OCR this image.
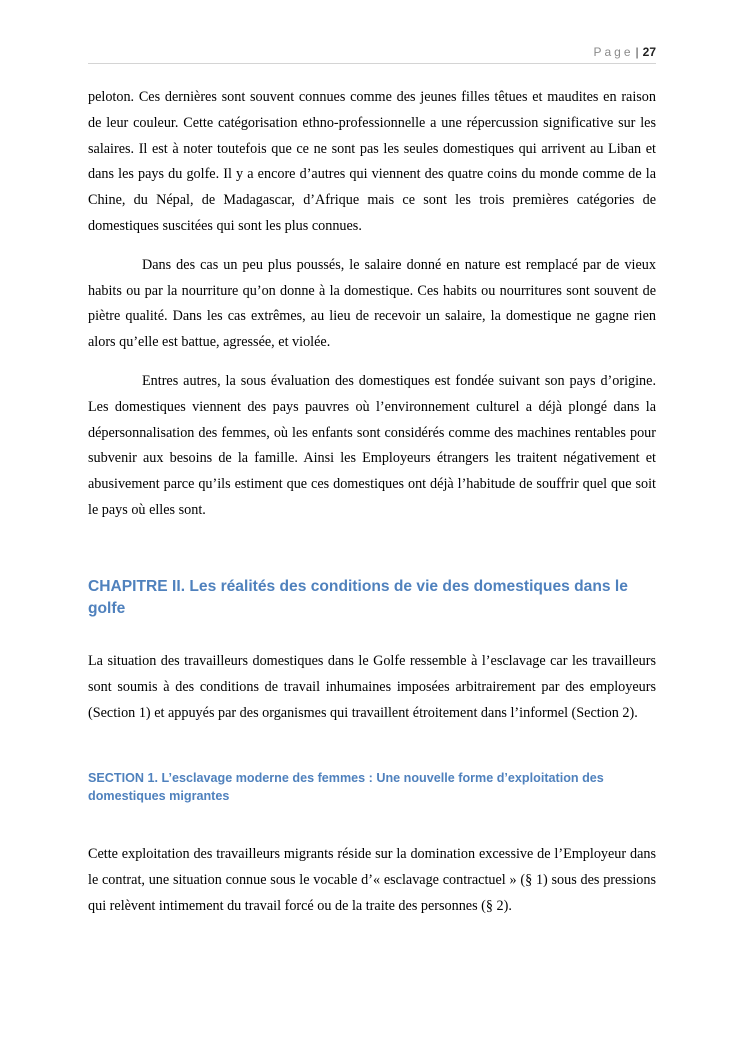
Page | 27

peloton. Ces dernières sont souvent connues comme des jeunes filles têtues et maudites en raison de leur couleur. Cette catégorisation ethno-professionnelle a une répercussion significative sur les salaires. Il est à noter toutefois que ce ne sont pas les seules domestiques qui arrivent au Liban et dans les pays du golfe. Il y a encore d’autres qui viennent des quatre coins du monde comme de la Chine, du Népal, de Madagascar, d’Afrique mais ce sont les trois premières catégories de domestiques suscitées qui sont les plus connues.

Dans des cas un peu plus poussés, le salaire donné en nature est remplacé par de vieux habits ou par la nourriture qu’on donne à la domestique. Ces habits ou nourritures sont souvent de piètre qualité. Dans les cas extrêmes, au lieu de recevoir un salaire, la domestique ne gagne rien alors qu’elle est battue, agressée, et violée.

Entres autres, la sous évaluation des domestiques est fondée suivant son pays d’origine. Les domestiques viennent des pays pauvres où l’environnement culturel a déjà plongé dans la dépersonnalisation des femmes, où les enfants sont considérés comme des machines rentables pour subvenir aux besoins de la famille. Ainsi les Employeurs étrangers les traitent négativement et abusivement parce qu’ils estiment que ces domestiques ont déjà l’habitude de souffrir quel que soit le pays où elles sont.

CHAPITRE II. Les réalités des conditions de vie des domestiques dans le golfe

La situation des travailleurs domestiques dans le Golfe ressemble à l’esclavage car les travailleurs sont soumis à des conditions de travail inhumaines imposées arbitrairement par des employeurs (Section 1) et appuyés par des organismes qui travaillent étroitement dans l’informel (Section 2).

SECTION 1. L’esclavage moderne des femmes : Une nouvelle forme d’exploitation des domestiques migrantes

Cette exploitation des travailleurs migrants réside sur la domination excessive de l’Employeur dans le contrat, une situation connue sous le vocable d’« esclavage contractuel » (§ 1) sous des pressions qui relèvent intimement du travail forcé ou de la traite des personnes (§ 2).
